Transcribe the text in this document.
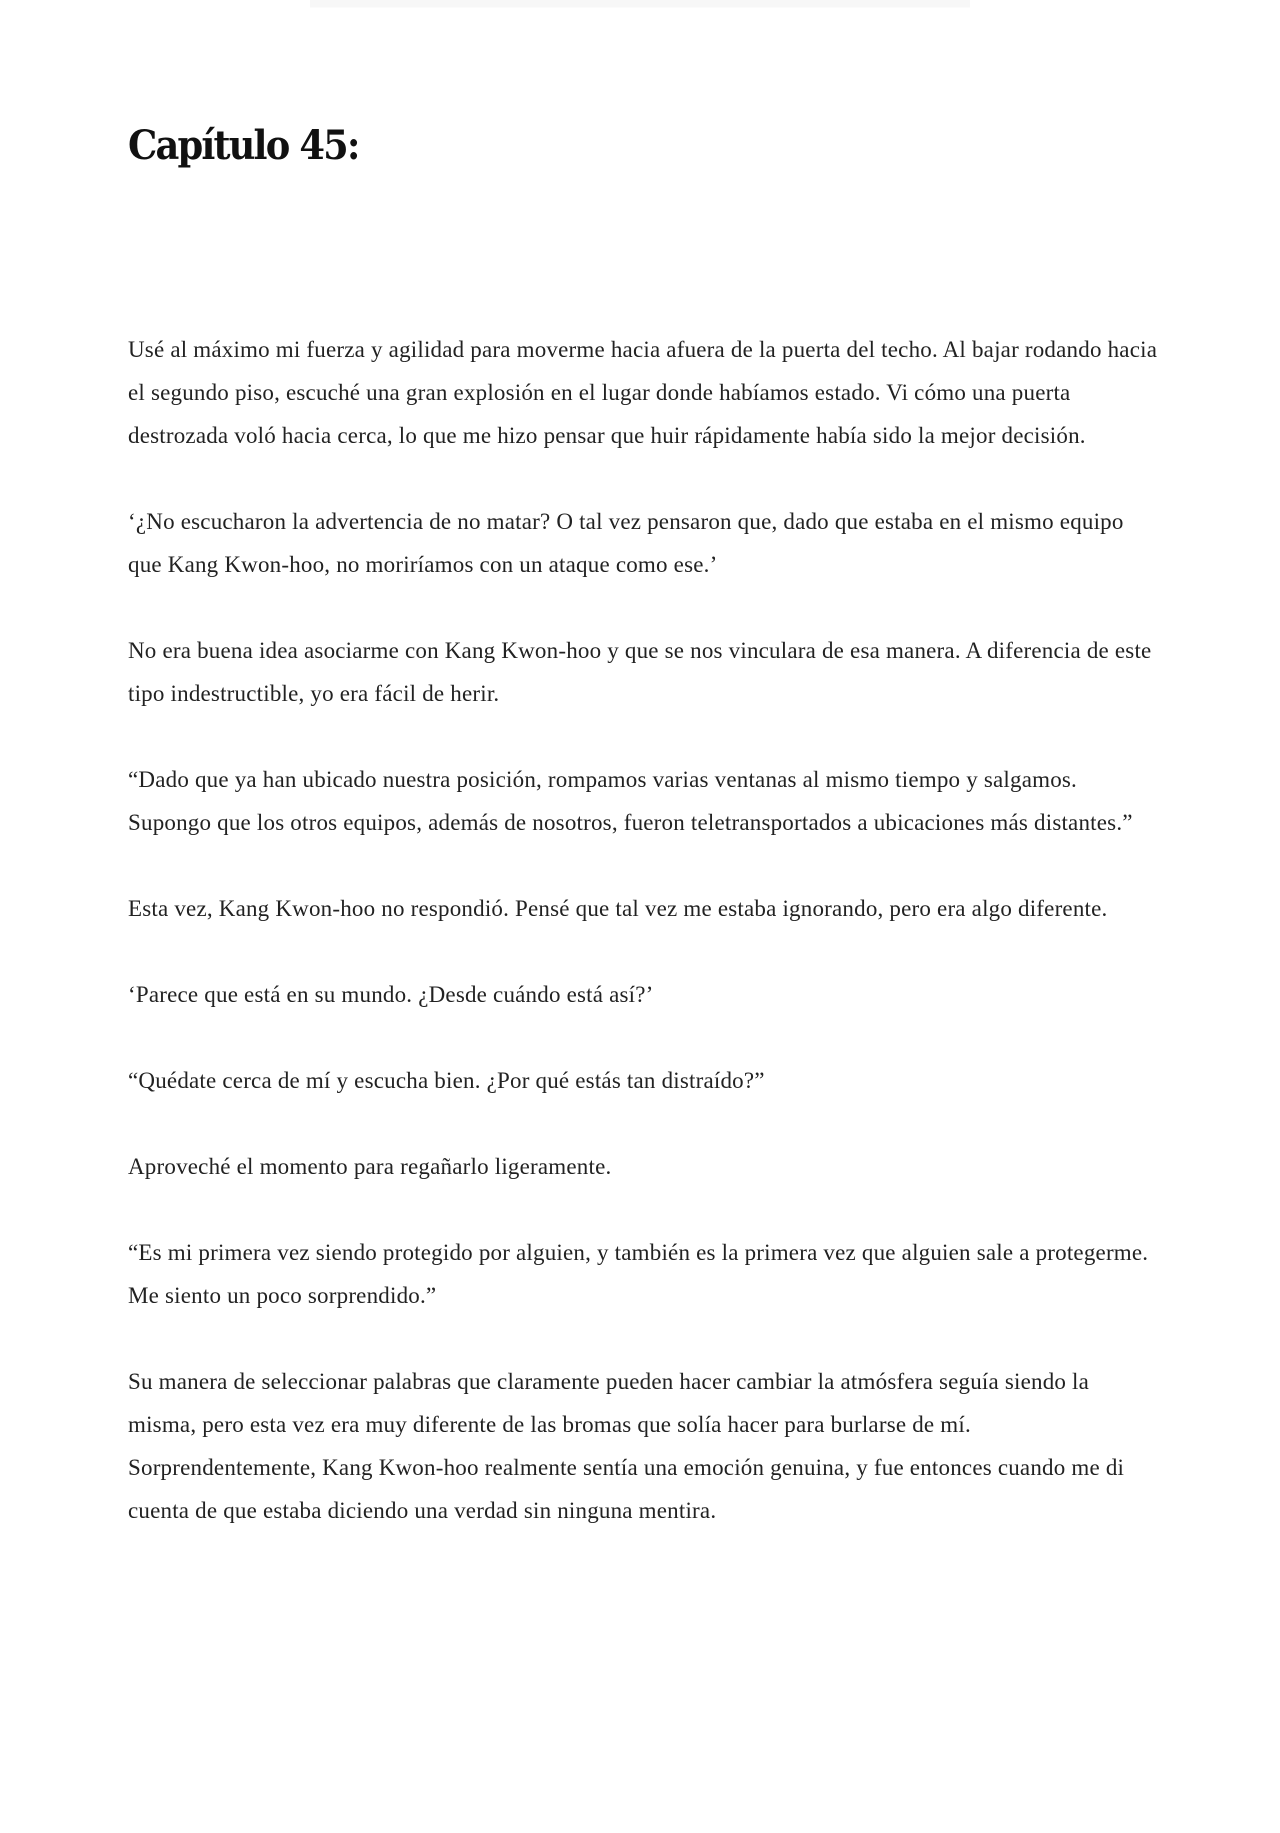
Capítulo 45:

Usé al máximo mi fuerza y agilidad para moverme hacia afuera de la puerta del techo. Al bajar rodando hacia el segundo piso, escuché una gran explosión en el lugar donde habíamos estado. Vi cómo una puerta destrozada voló hacia cerca, lo que me hizo pensar que huir rápidamente había sido la mejor decisión.

‘¿No escucharon la advertencia de no matar? O tal vez pensaron que, dado que estaba en el mismo equipo que Kang Kwon-hoo, no moriríamos con un ataque como ese.’

No era buena idea asociarme con Kang Kwon-hoo y que se nos vinculara de esa manera. A diferencia de este tipo indestructible, yo era fácil de herir.

“Dado que ya han ubicado nuestra posición, rompamos varias ventanas al mismo tiempo y salgamos. Supongo que los otros equipos, además de nosotros, fueron teletransportados a ubicaciones más distantes.”

Esta vez, Kang Kwon-hoo no respondió. Pensé que tal vez me estaba ignorando, pero era algo diferente.

‘Parece que está en su mundo. ¿Desde cuándo está así?’

“Quédate cerca de mí y escucha bien. ¿Por qué estás tan distraído?”

Aproveché el momento para regañarlo ligeramente.

“Es mi primera vez siendo protegido por alguien, y también es la primera vez que alguien sale a protegerme. Me siento un poco sorprendido.”

Su manera de seleccionar palabras que claramente pueden hacer cambiar la atmósfera seguía siendo la misma, pero esta vez era muy diferente de las bromas que solía hacer para burlarse de mí. Sorprendentemente, Kang Kwon-hoo realmente sentía una emoción genuina, y fue entonces cuando me di cuenta de que estaba diciendo una verdad sin ninguna mentira.
